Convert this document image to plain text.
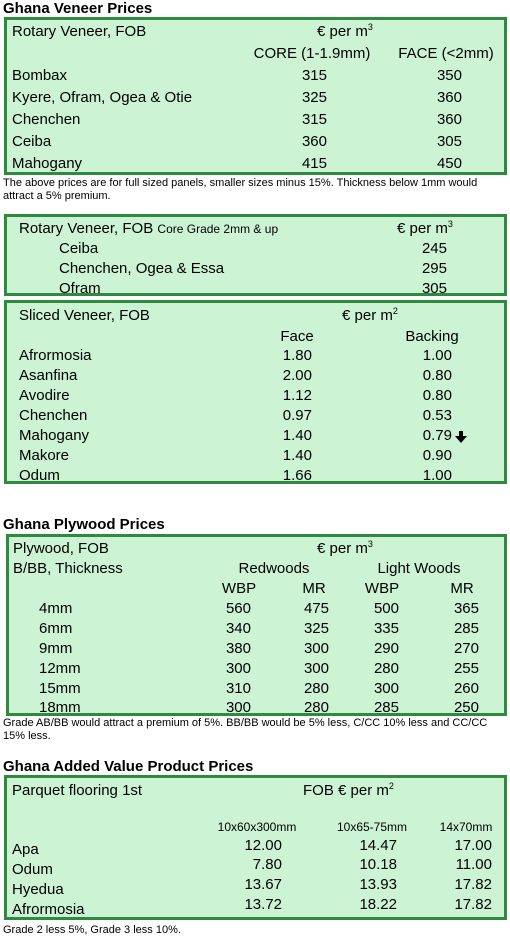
Ghana Veneer Prices
Rotary Veneer, FOB	€ per $m^3$
CORE (1-1.9mm)	FACE (<2mm)
Bombax	315	350
Kyere, Ofram, Ogea & Otie	325	360
Chenchen	315	360
Ceiba	360	305
Mahogany	415	450
The above prices are for full sized panels, smaller sizes minus 15%. Thickness below 1mm would attract a 5% premium.
Rotary Veneer, FOB Core Grade 2mm & up	€ per $m^3$
Ceiba	245
Chenchen, Ogea & Essa	295
Ofram	305
Sliced Veneer, FOB	€ per $m^2$
Face	Backing
Afrormosia	1.80	1.00
Asanfina	2.00	0.80
Avodire	1.12	0.80
Chenchen	0.97	0.53
Mahogany	1.40	0.79
Makore	1.40	0.90
Odum	1.66	1.00
Ghana Plywood Prices
Plywood, FOB	€ per $m^3$
B/BB, Thickness	Redwoods	Light Woods
WBP	MR	WBP	MR
4mm	560	475	500	365
6mm	340	325	335	285
9mm	380	300	290	270
12mm	300	300	280	255
15mm	310	280	300	260
18mm	300	280	285	250
Grade AB/BB would attract a premium of 5%. BB/BB would be 5% less, C/CC 10% less and CC/CC 15% less.
Ghana Added Value Product Prices
Parquet flooring 1st	FOB € per $m^2$
10x60x300mm	10x65-75mm	14x70mm
Apa	12.00	14.47	17.00
Odum	7.80	10.18	11.00
Hyedua	13.67	13.93	17.82
Afrormosia	13.72	18.22	17.82
Grade 2 less 5%, Grade 3 less 10%.
